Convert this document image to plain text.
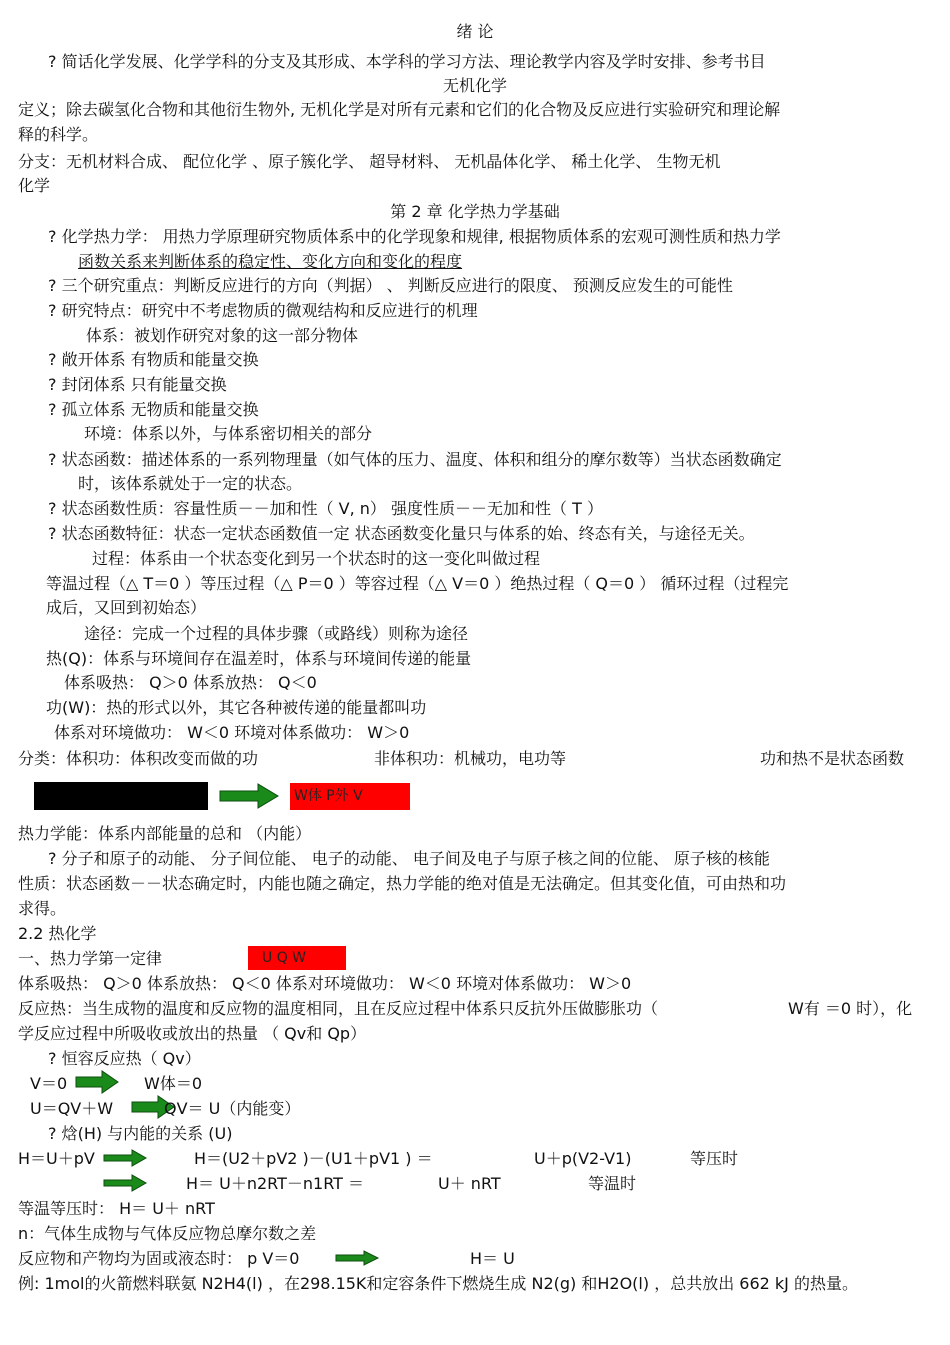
绪 论
? 简话化学发展、化学学科的分支及其形成、本学科的学习方法、理论教学内容及学时安排、参考书目
无机化学
定义；除去碳氢化合物和其他衍生物外, 无机化学是对所有元素和它们的化合物及反应进行实验研究和理论解
释的科学。
分支：无机材料合成、 配位化学 、原子簇化学、 超导材料、 无机晶体化学、 稀土化学、 生物无机
化学
第 2 章 化学热力学基础
? 化学热力学： 用热力学原理研究物质体系中的化学现象和规律, 根据物质体系的宏观可测性质和热力学
函数关系来判断体系的稳定性、变化方向和变化的程度
? 三个研究重点：判断反应进行的方向（判据） 、 判断反应进行的限度、 预测反应发生的可能性
? 研究特点：研究中不考虑物质的微观结构和反应进行的机理
体系：被划作研究对象的这一部分物体
? 敞开体系 有物质和能量交换
? 封闭体系 只有能量交换
? 孤立体系 无物质和能量交换
环境：体系以外，与体系密切相关的部分
? 状态函数：描述体系的一系列物理量（如气体的压力、温度、体积和组分的摩尔数等）当状态函数确定
时，该体系就处于一定的状态。
? 状态函数性质：容量性质－－加和性（ V, n） 强度性质－－无加和性（ T ）
? 状态函数特征：状态一定状态函数值一定 状态函数变化量只与体系的始、终态有关，与途径无关。
过程：体系由一个状态变化到另一个状态时的这一变化叫做过程
等温过程（△ T＝0 ）等压过程（△ P＝0 ）等容过程（△ V＝0 ）绝热过程（ Q＝0 ） 循环过程（过程完
成后，又回到初始态）
途径：完成一个过程的具体步骤（或路线）则称为途径
热(Q)：体系与环境间存在温差时，体系与环境间传递的能量
体系吸热： Q＞0 体系放热： Q＜0
功(W)：热的形式以外，其它各种被传递的能量都叫功
体系对环境做功： W＜0 环境对体系做功： W＞0
分类：体积功：体积改变而做的功	非体积功：机械功，电功等	功和热不是状态函数
W体 P外 V
热力学能：体系内部能量的总和 （内能）
? 分子和原子的动能、 分子间位能、 电子的动能、 电子间及电子与原子核之间的位能、 原子核的核能
性质：状态函数－－状态确定时，内能也随之确定，热力学能的绝对值是无法确定。但其变化值，可由热和功
求得。
2.2 热化学
一、热力学第一定律	U Q W
体系吸热： Q＞0 体系放热： Q＜0 体系对环境做功： W＜0 环境对体系做功： W＞0
反应热：当生成物的温度和反应物的温度相同，且在反应过程中体系只反抗外压做膨胀功（	W有 ＝0 时），化
学反应过程中所吸收或放出的热量 （ Qv和 Qp）
? 恒容反应热（ Qv）
V＝0	W体＝0
U＝QV＋W	QV＝ U（内能变）
? 焓(H) 与内能的关系 (U)
H＝U＋pV	H＝(U2＋pV2 )－(U1＋pV1 ) ＝	U＋p(V2-V1)	等压时
H＝ U＋n2RT－n1RT ＝	U＋ nRT	等温时
等温等压时： H＝ U＋ nRT
n：气体生成物与气体反应物总摩尔数之差
反应物和产物均为固或液态时： p V＝0	H＝ U
例: 1mol的火箭燃料联氨 N2H4(l) ，在298.15K和定容条件下燃烧生成 N2(g) 和H2O(l) ，总共放出 662 kJ 的热量。
